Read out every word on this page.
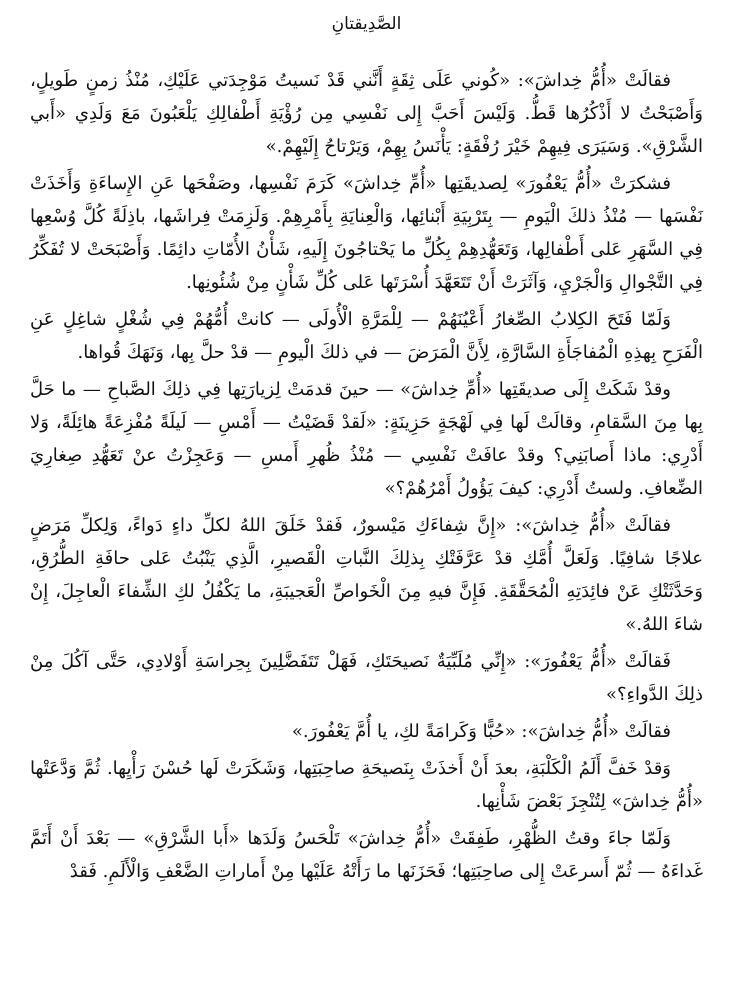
الصَّدِيقتانِ

فقالَتْ «أُمُّ خِداشَ»: «كُوني عَلَى ثِقَةٍ أَنَّني قَدْ نَسيتُ مَوْجِدَتي عَلَيْكِ، مُنْذُ زمنٍ طَويلٍ، وَأَصْبَحْتُ لا أَذْكُرُها قَطُّ. وَلَيْسَ أَحَبَّ إِلى نَفْسِي مِن رُؤْيَةِ أَطْفالِكِ يَلْعَبُونَ مَعَ وَلَدِي «أَبي الشَّرْقِ». وَسَيَرَى فِيهِمْ خَيْرَ رُفْقَةٍ: يَأْنَسُ بِهِمْ، وَيَرْتاحُ إِلَيْهِمْ.»

فشكرَتْ «أُمُّ يَعْفُورَ» لِصديقَتِها «أُمِّ خِداشَ» كَرَمَ نَفْسِها، وصَفْحَها عَنِ الإِساءَةِ وَأَخَذَتْ نَفْسَها — مُنْذُ ذلكَ الْيَومِ — بِتَرْبِيَةِ أَبْنائِها، وَالْعِنايَةِ بِأَمْرِهِمْ. وَلَزِمَتْ فِراشَها، باذِلَةً كُلَّ وُسْعِها فِي السَّهَرِ عَلى أَطْفالِها، وَتَعَهُّدِهِمْ بِكُلِّ ما يَحْتاجُونَ إِلَيهِ، شَأْنُ الأُمّاتِ دائِمًا. وَأَصْبَحَتْ لا تُفَكِّرُ فِي التَّجْوالِ وَالْجَرْيِ، وَآثَرَتْ أَنْ تَتَعَهَّدَ أُسْرَتَها عَلى كُلِّ شَأْنٍ مِنْ شُئُونِها.

وَلَمّا فَتَحَ الكِلابُ الصِّغارُ أَعْيُنَهُمْ — لِلْمَرَّةِ الْأُولَى — كانتْ أُمُّهُمْ فِي شُغْلٍ شاغِلٍ عَنِ الْفَرَحِ بِهذِهِ الْمُفاجَأَةِ السَّارَّةِ، لِأَنَّ الْمَرَضَ — في ذلكَ الْيومِ — قدْ حلَّ بِها، وَنَهَكَ قُواها.

وقدْ شَكَتْ إِلَى صديقَتِها «أُمِّ خِداشَ» — حينَ قدمَتْ لِزيارَتِها فِي ذلِكَ الصَّباحِ — ما حَلَّ بِها مِنَ السَّقامِ، وقالَتْ لَها فِي لَهْجَةٍ حَزِينَةٍ: «لَقدْ قَضَيْتُ — أَمْسِ — لَيلَةً مُفْزِعَةً هائِلَةً، وَلا أَدْرِي: ماذا أَصابَنِي؟ وقدْ عافَتْ نَفْسِي — مُنْذُ ظُهرِ أَمسِ — وَعَجِزْتُ عنْ تَعَهُّدِ صِغارِيَ الضِّعافِ. ولستُ أَدْرِي: كيفَ يَؤُولُ أَمْرُهُمْ؟»

فقالَتْ «أُمُّ خِداشَ»: «إِنَّ شِفاءَكِ مَيْسورٌ، فَقدْ خَلَقَ اللهُ لكلِّ داءٍ دَواءً، وَلِكلِّ مَرَضٍ علاجًا شافِيًا. وَلَعَلَّ أُمَّكِ قدْ عَرَّفَتْكِ بِذلِكَ النَّباتِ الْقَصيرِ، الَّذِي يَنْبُتُ عَلى حافَةِ الطُّرُقِ، وَحَدَّثَتْكِ عَنْ فائِدَتِهِ الْمُحَقَّقَةِ. فَإِنَّ فيهِ مِنَ الْخَواصِّ الْعَجيبَةِ، ما يَكْفُلُ لكِ الشِّفاءَ الْعاجِلَ، إِنْ شاءَ اللهُ.»

فَقالَتْ «أُمُّ يَعْفُورَ»: «إِنِّي مُلَبِّيَةٌ نَصيحَتَكِ، فَهَلْ تَتَفَضَّلِينَ بِحِراسَةِ أَوْلادِي، حَتَّى آكُلَ مِنْ ذلِكَ الدَّواءِ؟»

فقالَتْ «أُمُّ خِداشَ»: «حُبًّا وَكَرامَةً لكِ، يا أُمَّ يَعْفُورَ.»

وَقدْ خَفَّ أَلَمُ الْكَلْبَةِ، بعدَ أَنْ أَخذَتْ بِنَصيحَةِ صاحِبَتِها، وَشَكَرَتْ لَها حُسْنَ رَأْيِها. ثُمَّ وَدَّعَتْها «أُمُّ خِداشَ» لِتُنْجِزَ بَعْضَ شَأْنِها.

وَلَمّا جاءَ وقتُ الظُّهْرِ، طَفِقَتْ «أُمُّ خِداشَ» تَلْحَسُ وَلَدَها «أَبا الشَّرْقِ» — بَعْدَ أَنْ أَتَمَّ غَداءَهُ — ثُمّ أَسرعَتْ إِلى صاحِبَتِها؛ فَحَزَنَها ما رَأَتْهُ عَلَيْها مِنْ أَماراتِ الضَّعْفِ وَالْأَلَمِ. فَقدْ
